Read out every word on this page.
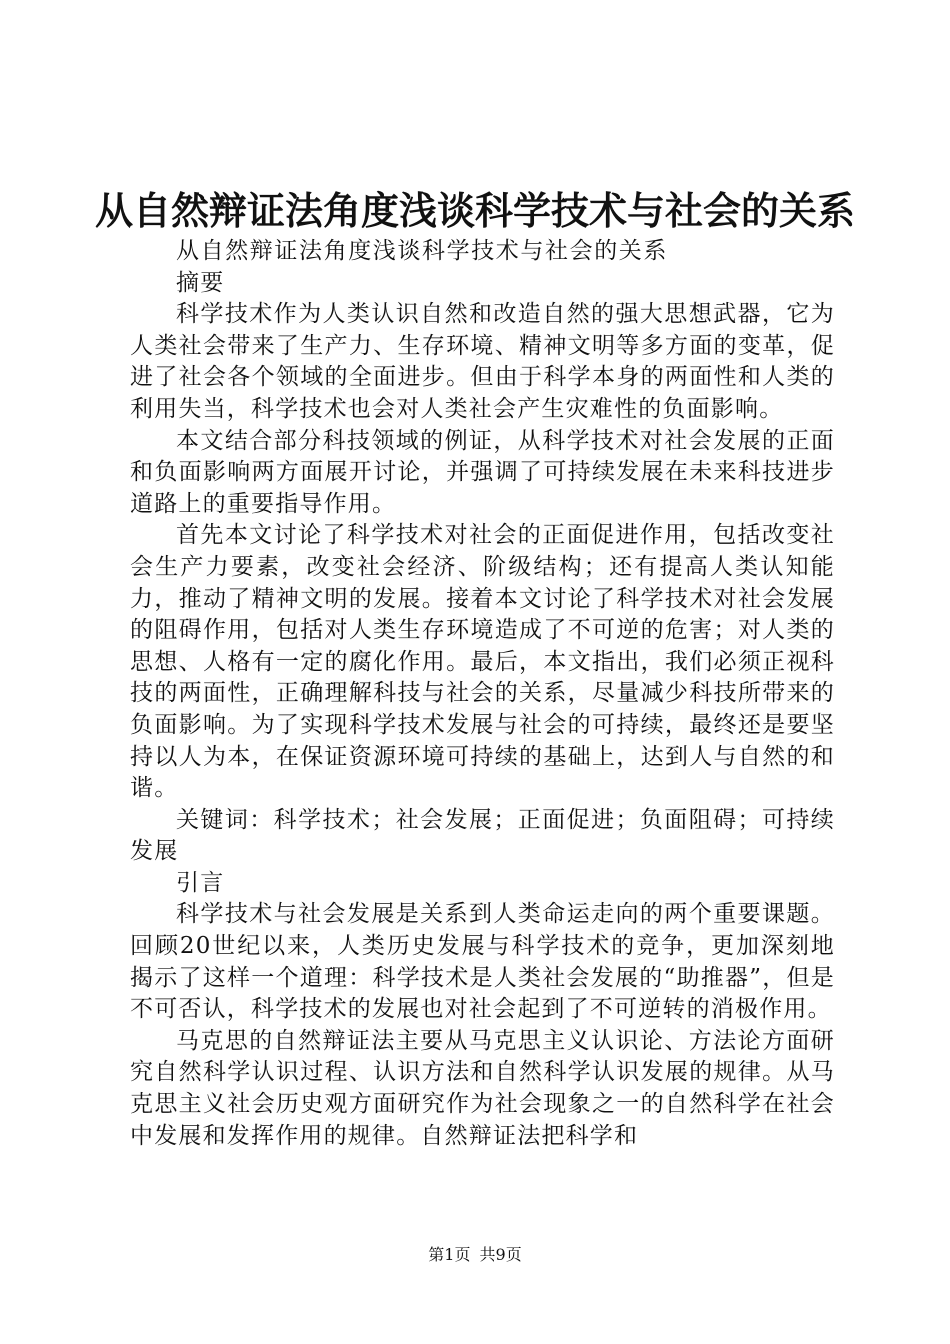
从自然辩证法角度浅谈科学技术与社会的关系

从自然辩证法角度浅谈科学技术与社会的关系

摘要

科学技术作为人类认识自然和改造自然的强大思想武器，它为人类社会带来了生产力、生存环境、精神文明等多方面的变革，促进了社会各个领域的全面进步。但由于科学本身的两面性和人类的利用失当，科学技术也会对人类社会产生灾难性的负面影响。

本文结合部分科技领域的例证，从科学技术对社会发展的正面和负面影响两方面展开讨论，并强调了可持续发展在未来科技进步道路上的重要指导作用。

首先本文讨论了科学技术对社会的正面促进作用，包括改变社会生产力要素，改变社会经济、阶级结构；还有提高人类认知能力，推动了精神文明的发展。接着本文讨论了科学技术对社会发展的阻碍作用，包括对人类生存环境造成了不可逆的危害；对人类的思想、人格有一定的腐化作用。最后，本文指出，我们必须正视科技的两面性，正确理解科技与社会的关系，尽量减少科技所带来的负面影响。为了实现科学技术发展与社会的可持续，最终还是要坚持以人为本，在保证资源环境可持续的基础上，达到人与自然的和谐。

关键词：科学技术；社会发展；正面促进；负面阻碍；可持续发展

引言

科学技术与社会发展是关系到人类命运走向的两个重要课题。回顾20世纪以来，人类历史发展与科学技术的竞争，更加深刻地揭示了这样一个道理：科学技术是人类社会发展的“助推器”，但是不可否认，科学技术的发展也对社会起到了不可逆转的消极作用。

马克思的自然辩证法主要从马克思主义认识论、方法论方面研究自然科学认识过程、认识方法和自然科学认识发展的规律。从马克思主义社会历史观方面研究作为社会现象之一的自然科学在社会中发展和发挥作用的规律。自然辩证法把科学和

第1页 共9页
